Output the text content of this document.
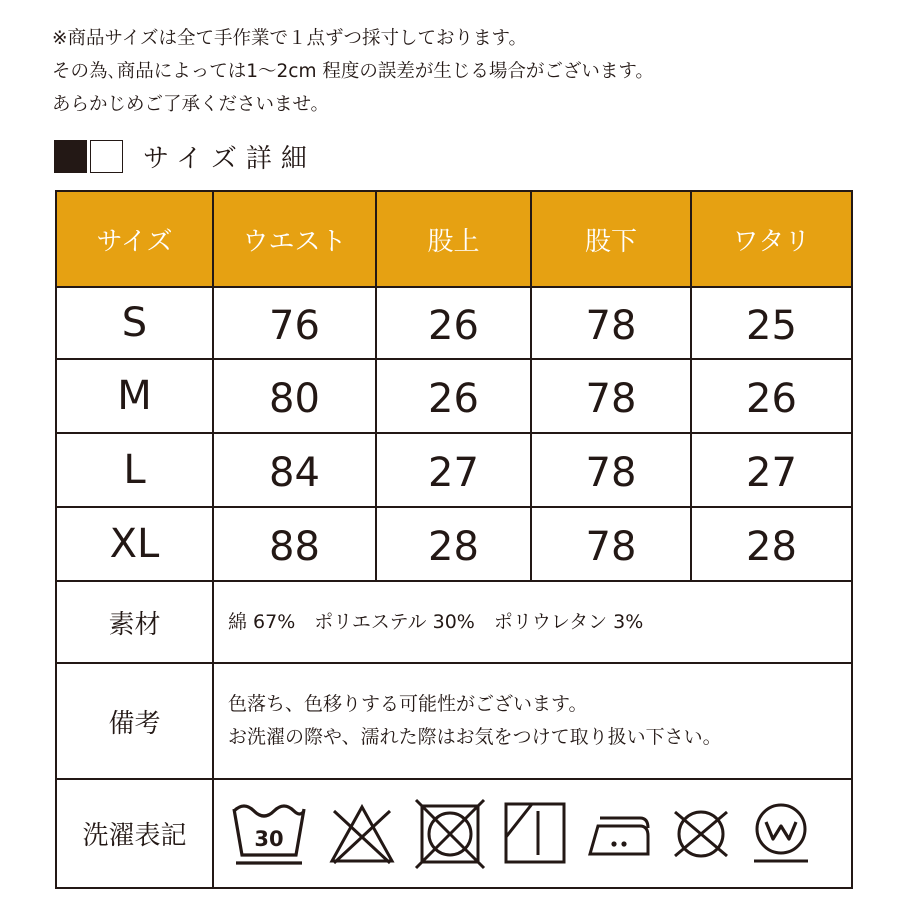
※商品サイズは全て手作業で１点ずつ採寸しております。
その為､商品によっては1〜2cm 程度の誤差が生じる場合がございます。
あらかじめご了承くださいませ。
サイズ詳細
サイズ	ウエスト	股上	股下	ワタリ
S	76	26	78	25
M	80	26	78	26
L	84	27	78	27
XL	88	28	78	28
素材	綿 67%　ポリエステル 30%　ポリウレタン 3%			
備考	色落ち、色移りする可能性がございます。
お洗濯の際や、濡れた際はお気をつけて取り扱い下さい。			

洗濯表記	30			
